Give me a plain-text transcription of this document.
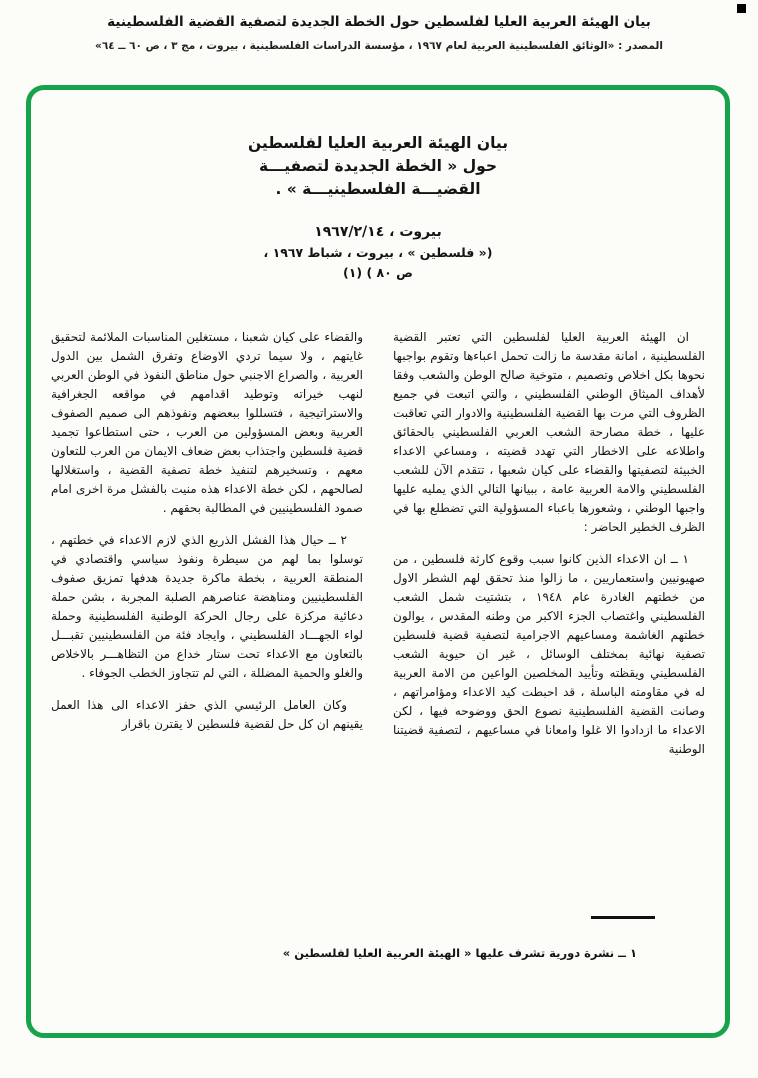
بيان الهيئة العربية العليا لفلسطين حول الخطة الجديدة لتصفية القضية الفلسطينية
المصدر : «الوثائق الفلسطينية العربية لعام ١٩٦٧ ، مؤسسة الدراسات الفلسطينية ، بيروت ، مج ٣ ، ص ٦٠ ــ ٦٤»
بيان الهيئة العربية العليا لفلسطين
حول « الخطة الجديدة لتصفيـــة
القضيـــة الفلسطينيـــة » .
بيروت ، ١٩٦٧/٢/١٤
(« فلسطين » ، بيروت ، شباط ١٩٦٧ ،
ص ٨٠ ) (١)

ان الهيئة العربية العليا لفلسطين التي تعتبر القضية الفلسطينية ، امانة مقدسة ما زالت تحمل اعباءها وتقوم بواجبها نحوها بكل اخلاص وتصميم ، متوخية صالح الوطن والشعب وفقا لأهداف الميثاق الوطني الفلسطيني ، والتي اتبعت في جميع الظروف التي مرت بها القضية الفلسطينية والادوار التي تعاقبت عليها ، خطة مصارحة الشعب العربي الفلسطيني بالحقائق واطلاعه على الاخطار التي تهدد قضيته ، ومساعي الاعداء الخبيثة لتصفيتها والقضاء على كيان شعبها ، تتقدم الآن للشعب الفلسطيني والامة العربية عامة ، ببيانها التالي الذي يمليه عليها واجبها الوطني ، وشعورها باعباء المسؤولية التي تضطلع بها في الظرف الخطير الحاضر :

١ ــ ان الاعداء الذين كانوا سبب وقوع كارثة فلسطين ، من صهيونيين واستعماريين ، ما زالوا منذ تحقق لهم الشطر الاول من خطتهم الغادرة عام ١٩٤٨ ، بتشتيت شمل الشعب الفلسطيني واغتصاب الجزء الاكبر من وطنه المقدس ، يوالون خطتهم الغاشمة ومساعيهم الاجرامية لتصفية قضية فلسطين تصفية نهائية بمختلف الوسائل ، غير ان حيوية الشعب الفلسطيني ويقظته وتأييد المخلصين الواعين من الامة العربية له في مقاومته الباسلة ، قد احبطت كيد الاعداء ومؤامراتهم ، وصانت القضية الفلسطينية نصوع الحق ووضوحه فيها ، لكن الاعداء ما ازدادوا الا غلوا وامعانا في مساعيهم ، لتصفية قضيتنا الوطنية

والقضاء على كيان شعبنا ، مستغلين المناسبات الملائمة لتحقيق غايتهم ، ولا سيما تردي الاوضاع وتفرق الشمل بين الدول العربية ، والصراع الاجنبي حول مناطق النفوذ في الوطن العربي لنهب خيراته وتوطيد اقدامهم في مواقعه الجغرافية والاستراتيجية ، فتسللوا ببعضهم ونفوذهم الى صميم الصفوف العربية وبعض المسؤولين من العرب ، حتى استطاعوا تجميد قضية فلسطين واجتذاب بعض ضعاف الايمان من العرب للتعاون معهم ، وتسخيرهم لتنفيذ خطة تصفية القضية ، واستغلالها لصالحهم ، لكن خطة الاعداء هذه منيت بالفشل مرة اخرى امام صمود الفلسطينيين في المطالبة بحقهم .

٢ ــ حيال هذا الفشل الذريع الذي لازم الاعداء في خطتهم ، توسلوا بما لهم من سيطرة ونفوذ سياسي واقتصادي في المنطقة العربية ، بخطة ماكرة جديدة هدفها تمزيق صفوف الفلسطينيين ومناهضة عناصرهم الصلبة المجربة ، بشن حملة دعائية مركزة على رجال الحركة الوطنية الفلسطينية وحملة لواء الجهـــاد الفلسطيني ، وايجاد فئة من الفلسطينيين تقبـــل بالتعاون مع الاعداء تحت ستار خداع من التظاهـــر بالاخلاص والغلو والحمية المضللة ، التي لم تتجاوز الخطب الجوفاء .

وكان العامل الرئيسي الذي حفز الاعداء الى هذا العمل يقينهم ان كل حل لقضية فلسطين لا يقترن باقرار

١ ــ نشرة دورية تشرف عليها « الهيئة العربية العليا لفلسطين »
